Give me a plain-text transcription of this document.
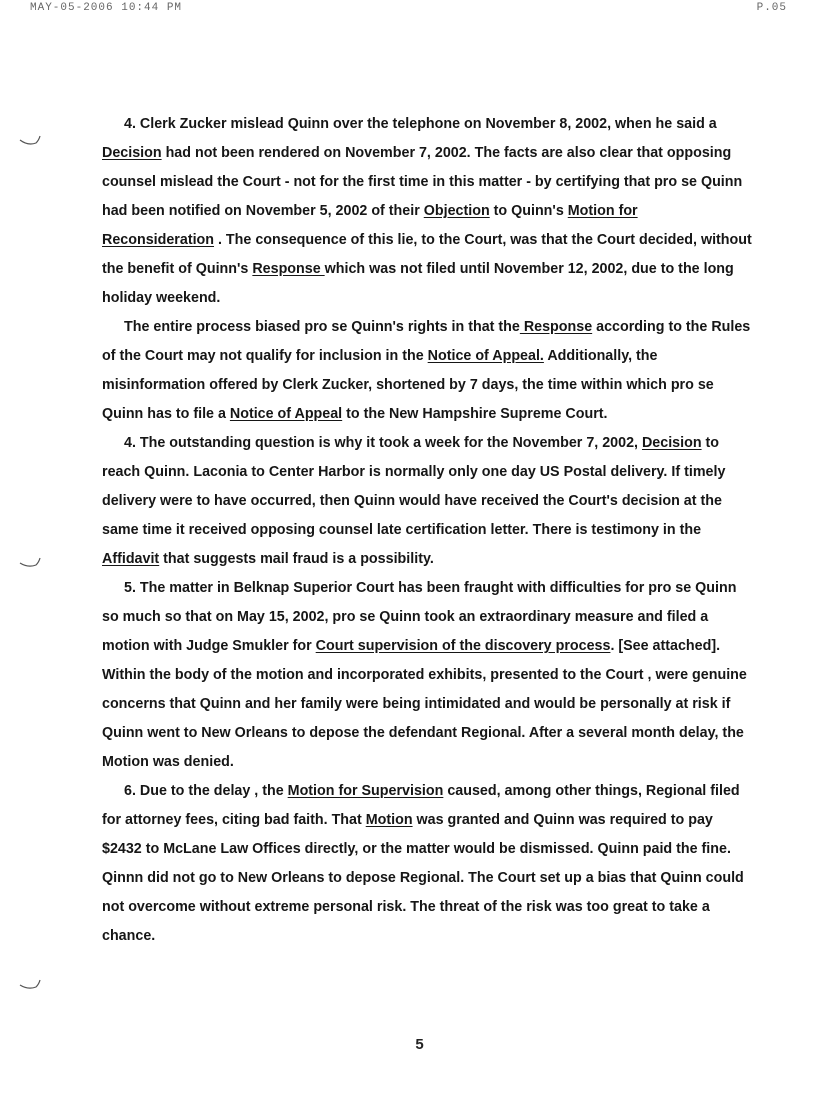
MAY-05-2006 10:44 PM	P.05

4. Clerk Zucker mislead Quinn over the telephone on November 8, 2002, when he said a Decision had not been rendered on November 7, 2002. The facts are also clear that opposing counsel mislead the Court - not for the first time in this matter - by certifying that pro se Quinn had been notified on November 5, 2002 of their Objection to Quinn's Motion for Reconsideration . The consequence of this lie, to the Court, was that the Court decided, without the benefit of Quinn's Response which was not filed until November 12, 2002, due to the long holiday weekend.

The entire process biased pro se Quinn's rights in that the Response according to the Rules of the Court may not qualify for inclusion in the Notice of Appeal. Additionally, the misinformation offered by Clerk Zucker, shortened by 7 days, the time within which pro se Quinn has to file a Notice of Appeal to the New Hampshire Supreme Court.

4. The outstanding question is why it took a week for the November 7, 2002, Decision to reach Quinn. Laconia to Center Harbor is normally only one day US Postal delivery. If timely delivery were to have occurred, then Quinn would have received the Court's decision at the same time it received opposing counsel late certification letter. There is testimony in the Affidavit that suggests mail fraud is a possibility.

5. The matter in Belknap Superior Court has been fraught with difficulties for pro se Quinn so much so that on May 15, 2002, pro se Quinn took an extraordinary measure and filed a motion with Judge Smukler for Court supervision of the discovery process. [See attached]. Within the body of the motion and incorporated exhibits, presented to the Court , were genuine concerns that Quinn and her family were being intimidated and would be personally at risk if Quinn went to New Orleans to depose the defendant Regional. After a several month delay, the Motion was denied.

6. Due to the delay , the Motion for Supervision caused, among other things, Regional filed for attorney fees, citing bad faith. That Motion was granted and Quinn was required to pay $2432 to McLane Law Offices directly, or the matter would be dismissed. Quinn paid the fine. Qinnn did not go to New Orleans to depose Regional. The Court set up a bias that Quinn could not overcome without extreme personal risk. The threat of the risk was too great to take a chance.

5
